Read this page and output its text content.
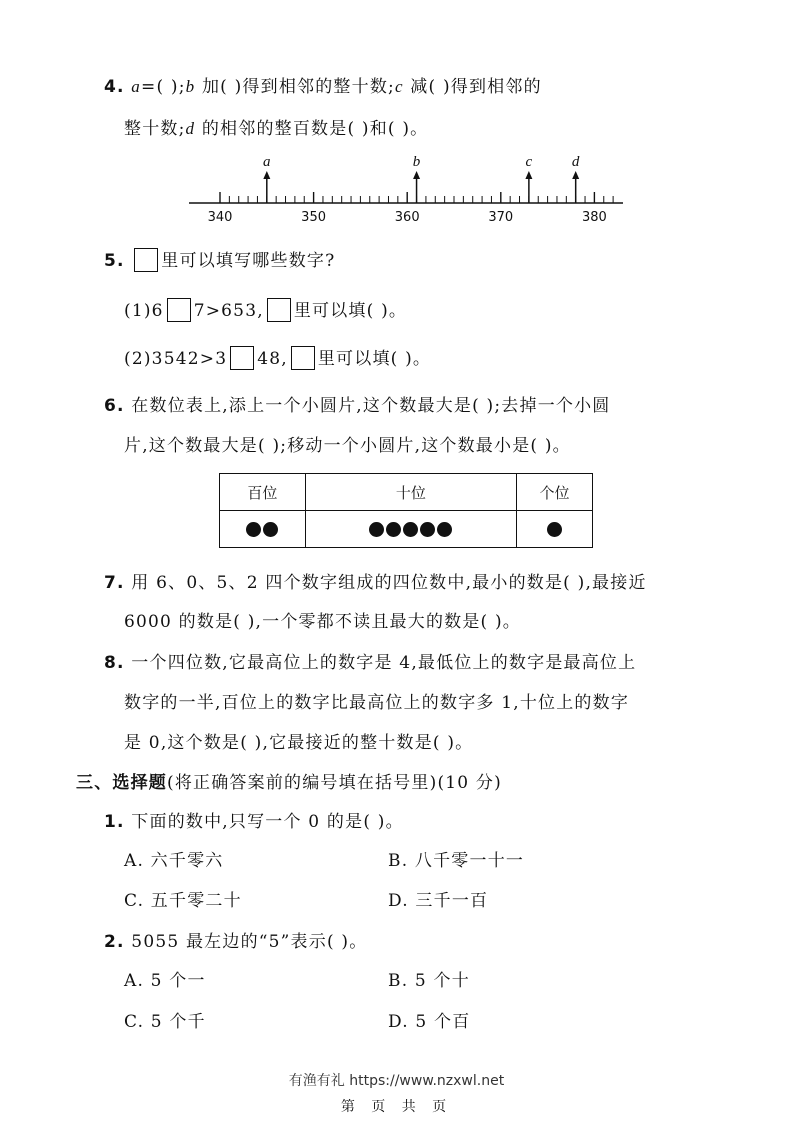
4. a=( );b 加( )得到相邻的整十数;c 减( )得到相邻的
整十数;d 的相邻的整百数是( )和( )。
340	350	360	370	380
a	b	c	d
5. 里可以填写哪些数字?
(1)6 7>653, 里可以填( )。
(2)3542>3 48, 里可以填( )。
6. 在数位表上,添上一个小圆片,这个数最大是( );去掉一个小圆
片,这个数最大是( );移动一个小圆片,这个数最小是( )。
百位	十位	个位

7. 用 6、0、5、2 四个数字组成的四位数中,最小的数是( ),最接近
6000 的数是( ),一个零都不读且最大的数是( )。
8. 一个四位数,它最高位上的数字是 4,最低位上的数字是最高位上
数字的一半,百位上的数字比最高位上的数字多 1,十位上的数字
是 0,这个数是( ),它最接近的整十数是( )。
三、选择题(将正确答案前的编号填在括号里)(10 分)
1. 下面的数中,只写一个 0 的是( )。
A. 六千零六	B. 八千零一十一
C. 五千零二十	D. 三千一百
2. 5055 最左边的“5”表示( )。
A. 5 个一	B. 5 个十
C. 5 个千	D. 5 个百
有渔有礼 https://www.nzxwl.net
第 页 共 页
